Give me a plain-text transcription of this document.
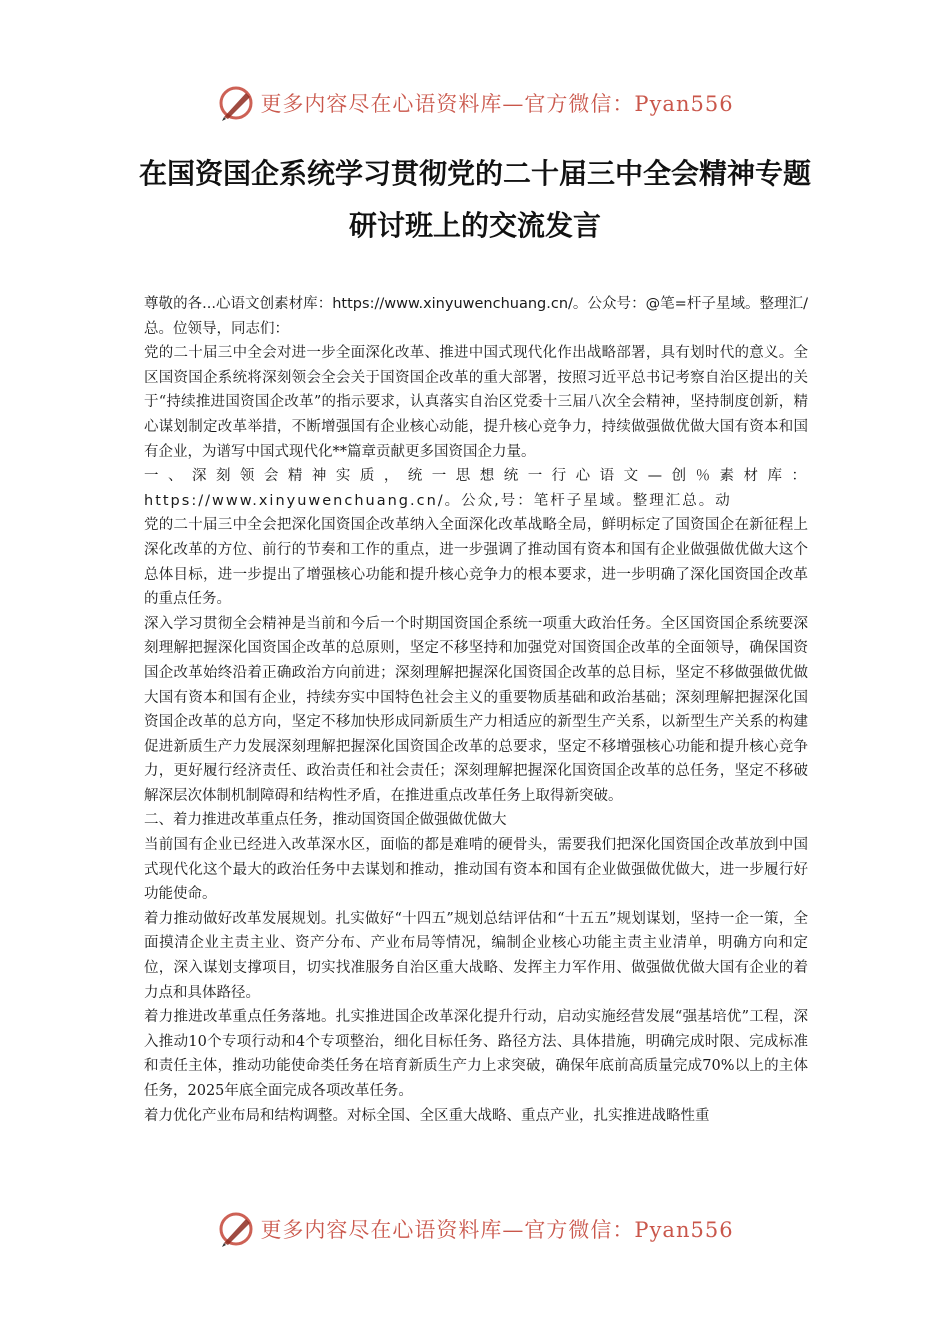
更多内容尽在心语资料库—官方微信：Pyan556
在国资国企系统学习贯彻党的二十届三中全会精神专题研讨班上的交流发言

尊敬的各...心语文创素材库：https://www.xinyuwenchuang.cn/。公众号：@笔=杆子星域。整理汇/总。位领导，同志们：

党的二十届三中全会对进一步全面深化改革、推进中国式现代化作出战略部署，具有划时代的意义。全区国资国企系统将深刻领会全会关于国资国企改革的重大部署，按照习近平总书记考察自治区提出的关于“持续推进国资国企改革”的指示要求，认真落实自治区党委十三届八次全会精神，坚持制度创新，精心谋划制定改革举措，不断增强国有企业核心动能，提升核心竞争力，持续做强做优做大国有资本和国有企业，为谱写中国式现代化**篇章贡献更多国资国企力量。

一、深刻领会精神实质，统一思想统一行心语文—创％素材库：https://www.xinyuwenchuang.cn/。公众,号：笔杆子星域。整理汇总。动

党的二十届三中全会把深化国资国企改革纳入全面深化改革战略全局，鲜明标定了国资国企在新征程上深化改革的方位、前行的节奏和工作的重点，进一步强调了推动国有资本和国有企业做强做优做大这个总体目标，进一步提出了增强核心功能和提升核心竞争力的根本要求，进一步明确了深化国资国企改革的重点任务。

深入学习贯彻全会精神是当前和今后一个时期国资国企系统一项重大政治任务。全区国资国企系统要深刻理解把握深化国资国企改革的总原则，坚定不移坚持和加强党对国资国企改革的全面领导，确保国资国企改革始终沿着正确政治方向前进；深刻理解把握深化国资国企改革的总目标，坚定不移做强做优做大国有资本和国有企业，持续夯实中国特色社会主义的重要物质基础和政治基础；深刻理解把握深化国资国企改革的总方向，坚定不移加快形成同新质生产力相适应的新型生产关系，以新型生产关系的构建促进新质生产力发展深刻理解把握深化国资国企改革的总要求，坚定不移增强核心功能和提升核心竞争力，更好履行经济责任、政治责任和社会责任；深刻理解把握深化国资国企改革的总任务，坚定不移破解深层次体制机制障碍和结构性矛盾，在推进重点改革任务上取得新突破。

二、着力推进改革重点任务，推动国资国企做强做优做大

当前国有企业已经进入改革深水区，面临的都是难啃的硬骨头，需要我们把深化国资国企改革放到中国式现代化这个最大的政治任务中去谋划和推动，推动国有资本和国有企业做强做优做大，进一步履行好功能使命。

着力推动做好改革发展规划。扎实做好“十四五”规划总结评估和“十五五”规划谋划，坚持一企一策，全面摸清企业主责主业、资产分布、产业布局等情况，编制企业核心功能主责主业清单，明确方向和定位，深入谋划支撑项目，切实找准服务自治区重大战略、发挥主力军作用、做强做优做大国有企业的着力点和具体路径。

着力推进改革重点任务落地。扎实推进国企改革深化提升行动，启动实施经营发展“强基培优”工程，深入推动10个专项行动和4个专项整治，细化目标任务、路径方法、具体措施，明确完成时限、完成标准和责任主体，推动功能使命类任务在培育新质生产力上求突破，确保年底前高质量完成70%以上的主体任务，2025年底全面完成各项改革任务。

着力优化产业布局和结构调整。对标全国、全区重大战略、重点产业，扎实推进战略性重

更多内容尽在心语资料库—官方微信：Pyan556
